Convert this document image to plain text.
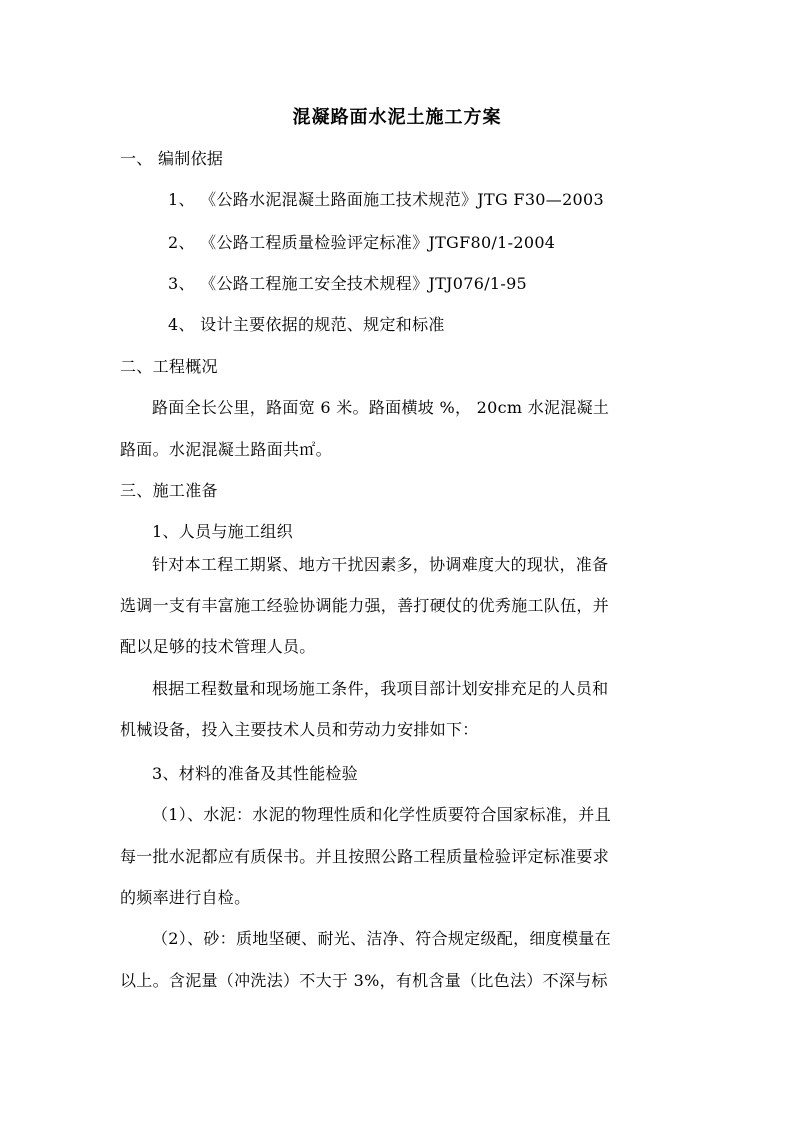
混凝路面水泥土施工方案
一、 编制依据
1、 《公路水泥混凝土路面施工技术规范》JTG F30—2003
2、 《公路工程质量检验评定标准》JTGF80/1-2004
3、 《公路工程施工安全技术规程》JTJ076/1-95
4、 设计主要依据的规范、规定和标准
二、工程概况
路面全长公里，路面宽 6 米。路面横坡 %， 20cm 水泥混凝土
路面。水泥混凝土路面共㎡。
三、施工准备
1、人员与施工组织
针对本工程工期紧、地方干扰因素多，协调难度大的现状，准备
选调一支有丰富施工经验协调能力强，善打硬仗的优秀施工队伍，并
配以足够的技术管理人员。
根据工程数量和现场施工条件，我项目部计划安排充足的人员和
机械设备，投入主要技术人员和劳动力安排如下：
3、材料的准备及其性能检验
（1）、水泥：水泥的物理性质和化学性质要符合国家标准，并且
每一批水泥都应有质保书。并且按照公路工程质量检验评定标准要求
的频率进行自检。
（2）、砂：质地坚硬、耐光、洁净、符合规定级配，细度模量在
以上。含泥量（冲洗法）不大于 3%，有机含量（比色法）不深与标
